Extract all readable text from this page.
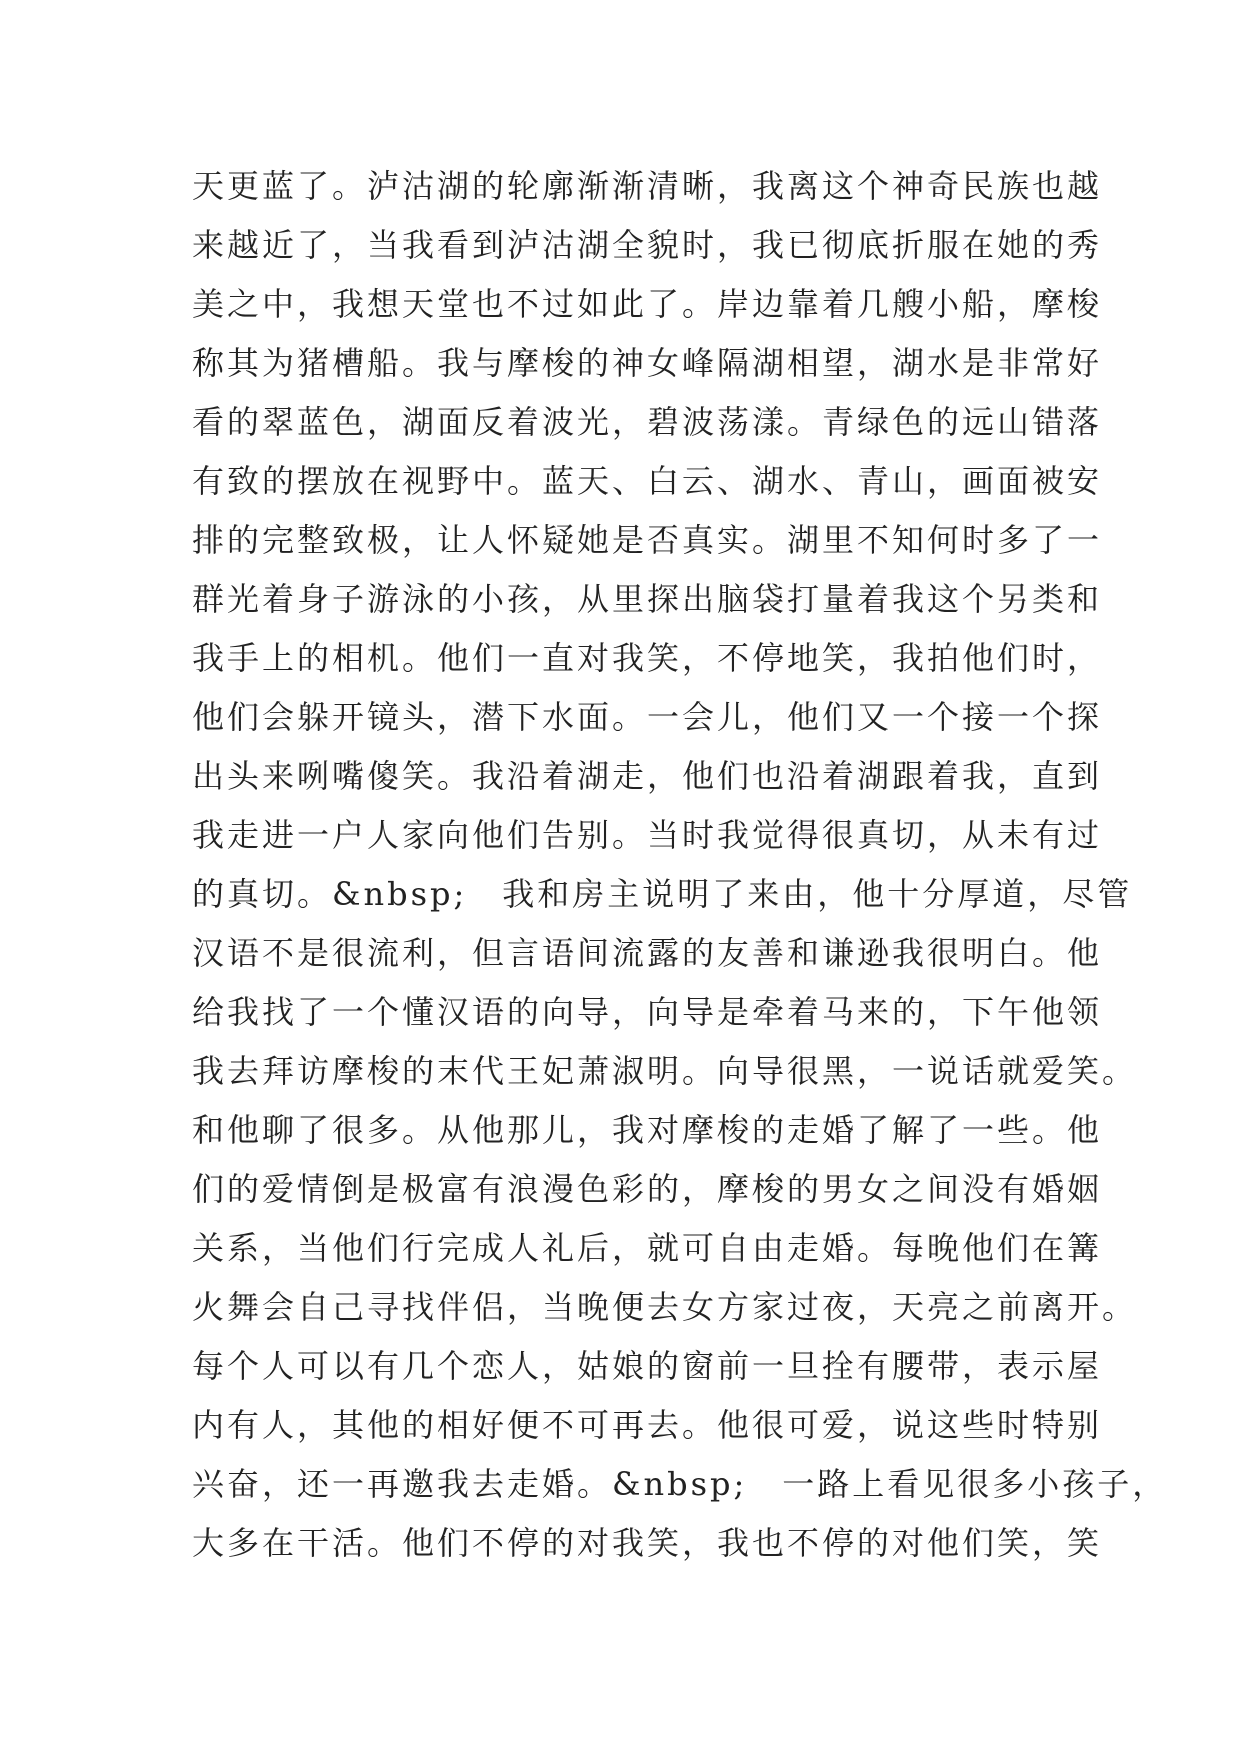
天更蓝了。泸沽湖的轮廓渐渐清晰，我离这个神奇民族也越
来越近了，当我看到泸沽湖全貌时，我已彻底折服在她的秀
美之中，我想天堂也不过如此了。岸边靠着几艘小船，摩梭
称其为猪槽船。我与摩梭的神女峰隔湖相望，湖水是非常好
看的翠蓝色，湖面反着波光，碧波荡漾。青绿色的远山错落
有致的摆放在视野中。蓝天、白云、湖水、青山，画面被安
排的完整致极，让人怀疑她是否真实。湖里不知何时多了一
群光着身子游泳的小孩，从里探出脑袋打量着我这个另类和
我手上的相机。他们一直对我笑，不停地笑，我拍他们时，
他们会躲开镜头，潜下水面。一会儿，他们又一个接一个探
出头来咧嘴傻笑。我沿着湖走，他们也沿着湖跟着我，直到
我走进一户人家向他们告别。当时我觉得很真切，从未有过
的真切。&nbsp;　我和房主说明了来由，他十分厚道，尽管
汉语不是很流利，但言语间流露的友善和谦逊我很明白。他
给我找了一个懂汉语的向导，向导是牵着马来的，下午他领
我去拜访摩梭的末代王妃萧淑明。向导很黑，一说话就爱笑。
和他聊了很多。从他那儿，我对摩梭的走婚了解了一些。他
们的爱情倒是极富有浪漫色彩的，摩梭的男女之间没有婚姻
关系，当他们行完成人礼后，就可自由走婚。每晚他们在篝
火舞会自己寻找伴侣，当晚便去女方家过夜，天亮之前离开。
每个人可以有几个恋人，姑娘的窗前一旦拴有腰带，表示屋
内有人，其他的相好便不可再去。他很可爱，说这些时特别
兴奋，还一再邀我去走婚。&nbsp;　一路上看见很多小孩子，
大多在干活。他们不停的对我笑，我也不停的对他们笑，笑
